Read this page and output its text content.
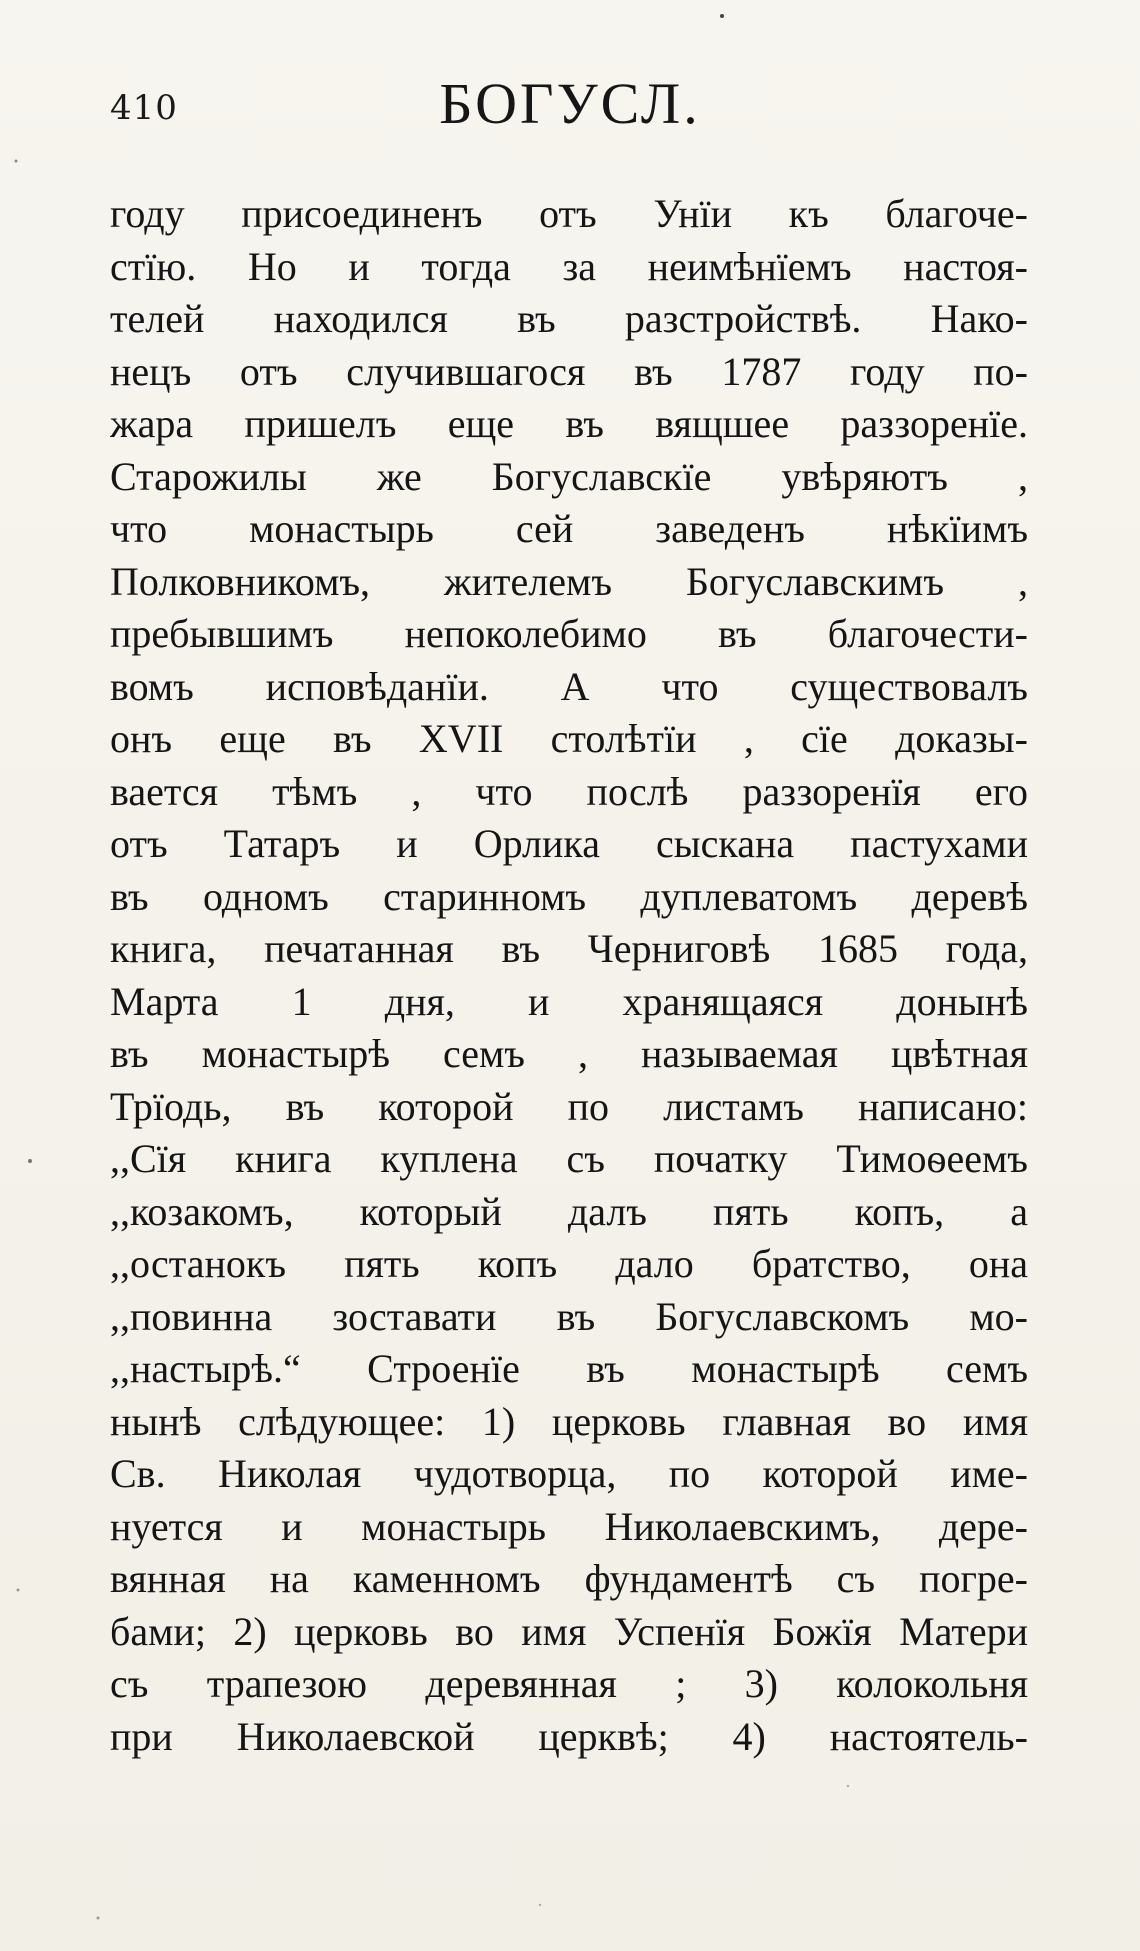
410	БОГУСЛ.
году присоединенъ отъ Унїи къ благоче-
стїю. Но и тогда за неимѣнїемъ настоя-
телей находился въ разстройствѣ. Нако-
нецъ отъ случившагося въ 1787 году по-
жара пришелъ еще въ вящшее раззоренїе.
Старожилы же Богуславскїе увѣряютъ ,
что монастырь сей заведенъ нѣкїимъ
Полковникомъ, жителемъ Богуславскимъ ,
пребывшимъ непоколебимо въ благочести-
вомъ исповѣданїи. А что существовалъ
онъ еще въ XVII столѣтїи , сїе доказы-
вается тѣмъ , что послѣ раззоренїя его
отъ Татаръ и Орлика сыскана пастухами
въ одномъ старинномъ дуплеватомъ деревѣ
книга, печатанная въ Черниговѣ 1685 года,
Марта 1 дня, и хранящаяся донынѣ
въ монастырѣ семъ , называемая цвѣтная
Трїодь, въ которой по листамъ написано:
,,Сїя книга куплена съ початку Тимоѳеемъ
,,козакомъ, который далъ пять копъ, а
,,останокъ пять копъ дало братство, она
,,повинна зоставати въ Богуславскомъ мо-
,,настырѣ.“ Строенїе въ монастырѣ семъ
нынѣ слѣдующее: 1) церковь главная во имя
Св. Николая чудотворца, по которой име-
нуется и монастырь Николаевскимъ, дере-
вянная на каменномъ фундаментѣ съ погре-
бами; 2) церковь во имя Успенїя Божїя Матери
съ трапезою деревянная ; 3) колокольня
при Николаевской церквѣ; 4) настоятель-
